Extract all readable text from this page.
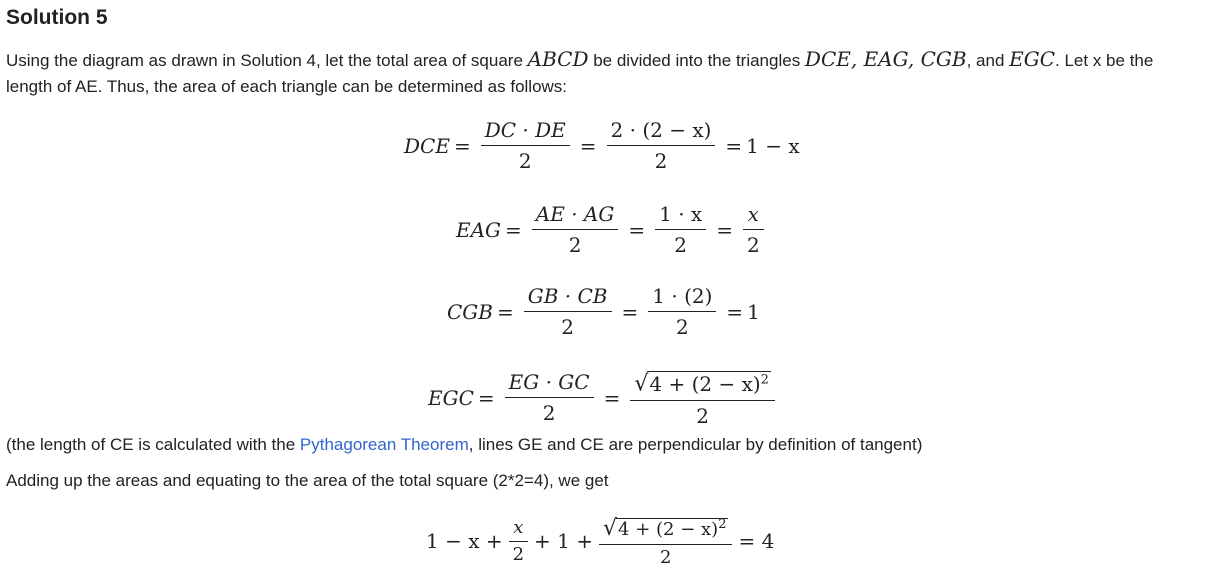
Solution 5
Using the diagram as drawn in Solution 4, let the total area of square ABCD be divided into the triangles DCE, EAG, CGB, and EGC. Let x be the length of AE. Thus, the area of each triangle can be determined as follows:
DCE = $\frac{DC \cdot DE}{2} = \frac{2 \cdot (2 - x)}{2} = 1 - x$
EAG = $\frac{AE \cdot AG}{2} = \frac{1 \cdot x}{2} = \frac{x}{2}$
CGB = $\frac{GB \cdot CB}{2} = \frac{1 \cdot (2)}{2} = 1$
EGC = $\frac{EG \cdot GC}{2} = \frac{√4 + (2 - x)^2}{2}$
(the length of CE is calculated with the Pythagorean Theorem, lines GE and CE are perpendicular by definition of tangent)
Adding up the areas and equating to the area of the total square (2*2=4), we get
$1 - x + \frac{x}{2} + 1 + \frac{√4 + (2 - x)^2}{2} = 4$
